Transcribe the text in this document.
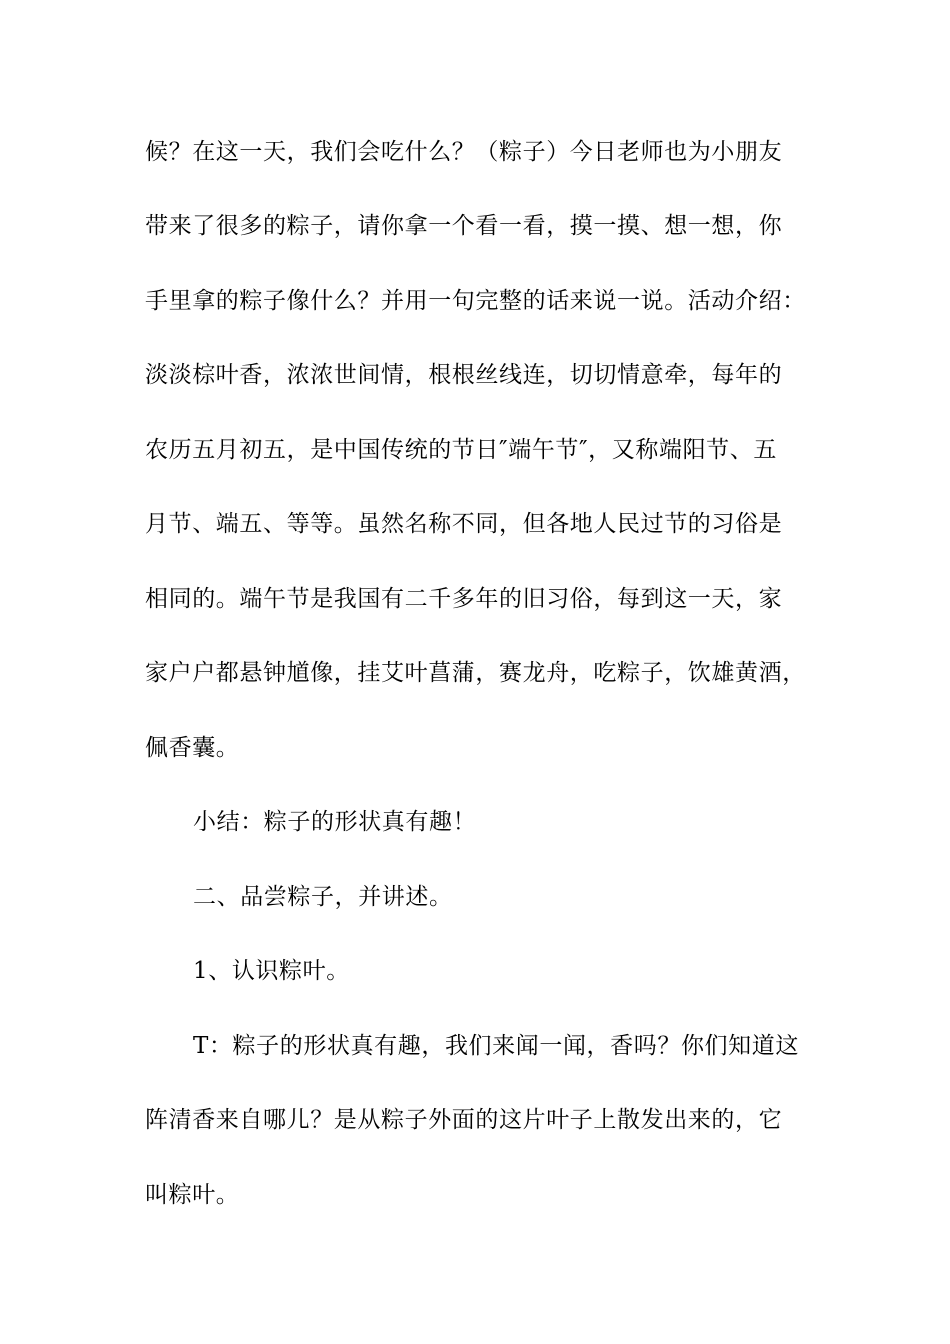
候？在这一天，我们会吃什么？（粽子）今日老师也为小朋友
带来了很多的粽子，请你拿一个看一看，摸一摸、想一想，你
手里拿的粽子像什么？并用一句完整的话来说一说。活动介绍：
淡淡棕叶香，浓浓世间情，根根丝线连，切切情意牵，每年的
农历五月初五，是中国传统的节日″端午节″，又称端阳节、五
月节、端五、等等。虽然名称不同，但各地人民过节的习俗是
相同的。端午节是我国有二千多年的旧习俗，每到这一天，家
家户户都悬钟馗像，挂艾叶菖蒲，赛龙舟，吃粽子，饮雄黄酒，
佩香囊。
小结：粽子的形状真有趣！
二、品尝粽子，并讲述。
1、认识粽叶。
T：粽子的形状真有趣，我们来闻一闻，香吗？你们知道这
阵清香来自哪儿？是从粽子外面的这片叶子上散发出来的，它
叫粽叶。
